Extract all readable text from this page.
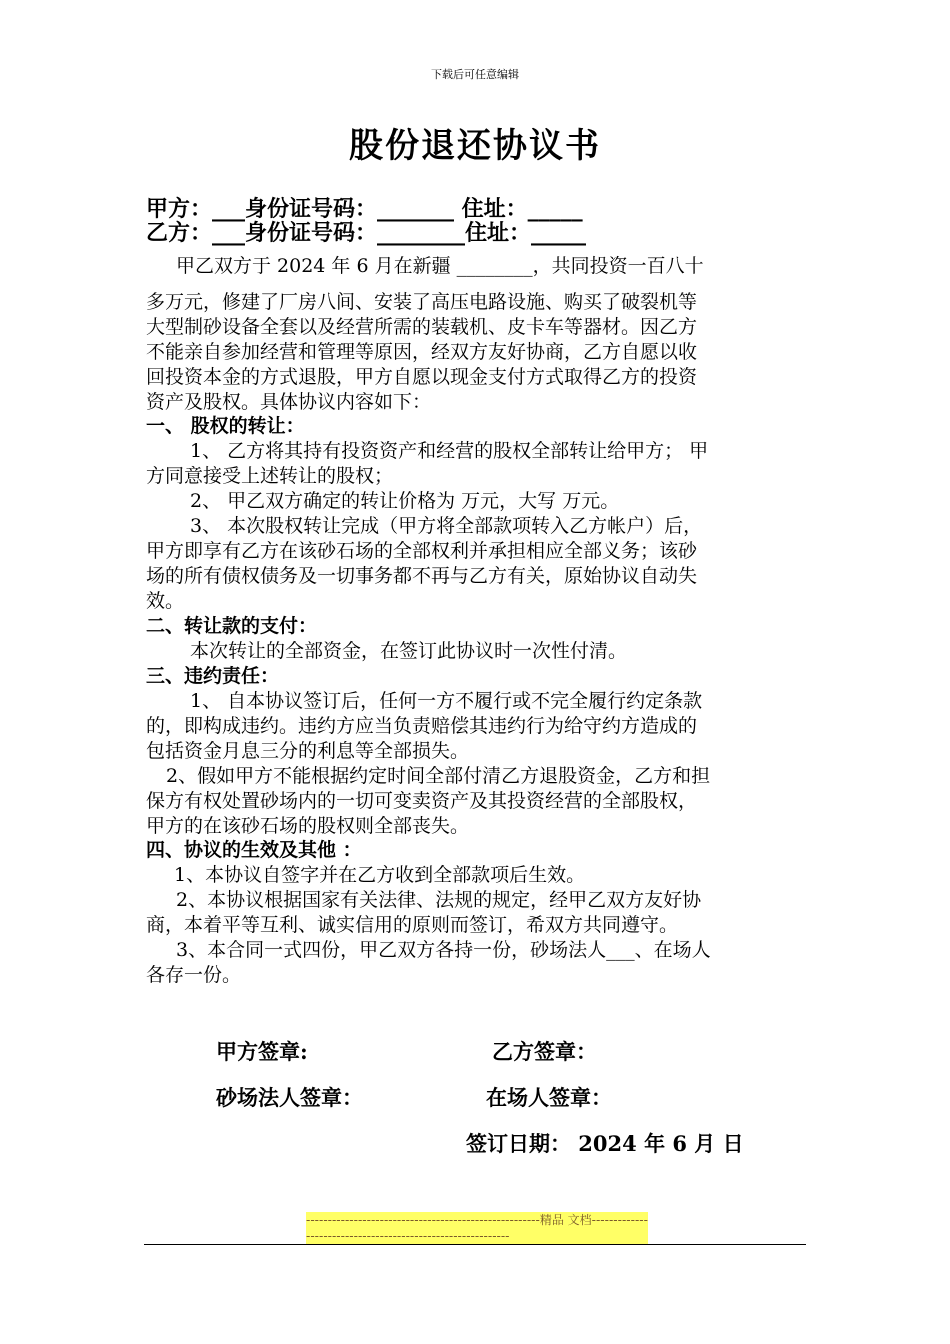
下载后可任意编辑
股份退还协议书
甲方：___身份证号码：_______ 住址：_____
乙方：___身份证号码：________住址：_____
甲乙双方于 2024 年 6 月在新疆 ________，共同投资一百八十
多万元，修建了厂房八间、安装了高压电路设施、购买了破裂机等
大型制砂设备全套以及经营所需的装载机、皮卡车等器材。因乙方
不能亲自参加经营和管理等原因，经双方友好协商，乙方自愿以收
回投资本金的方式退股，甲方自愿以现金支付方式取得乙方的投资
资产及股权。具体协议内容如下：
一、 股权的转让：
1、 乙方将其持有投资资产和经营的股权全部转让给甲方； 甲
方同意接受上述转让的股权；
2、 甲乙双方确定的转让价格为 万元，大写 万元。
3、 本次股权转让完成（甲方将全部款项转入乙方帐户）后，
甲方即享有乙方在该砂石场的全部权利并承担相应全部义务；该砂
场的所有债权债务及一切事务都不再与乙方有关，原始协议自动失
效。
二、转让款的支付：
本次转让的全部资金，在签订此协议时一次性付清。
三、违约责任：
1、 自本协议签订后，任何一方不履行或不完全履行约定条款
的，即构成违约。违约方应当负责赔偿其违约行为给守约方造成的
包括资金月息三分的利息等全部损失。
2、假如甲方不能根据约定时间全部付清乙方退股资金，乙方和担
保方有权处置砂场内的一切可变卖资产及其投资经营的全部股权，
甲方的在该砂石场的股权则全部丧失。
四、协议的生效及其他 ：
1、本协议自签字并在乙方收到全部款项后生效。
2、本协议根据国家有关法律、法规的规定，经甲乙双方友好协
商，本着平等互利、诚实信用的原则而签订，希双方共同遵守。
3、本合同一式四份，甲乙双方各持一份，砂场法人___、在场人
各存一份。
甲方签章:	乙方签章：
砂场法人签章：	在场人签章：
签订日期： 2024 年 6 月 日
------------------------------------------------------精品 文档------------------------------------------------------------
